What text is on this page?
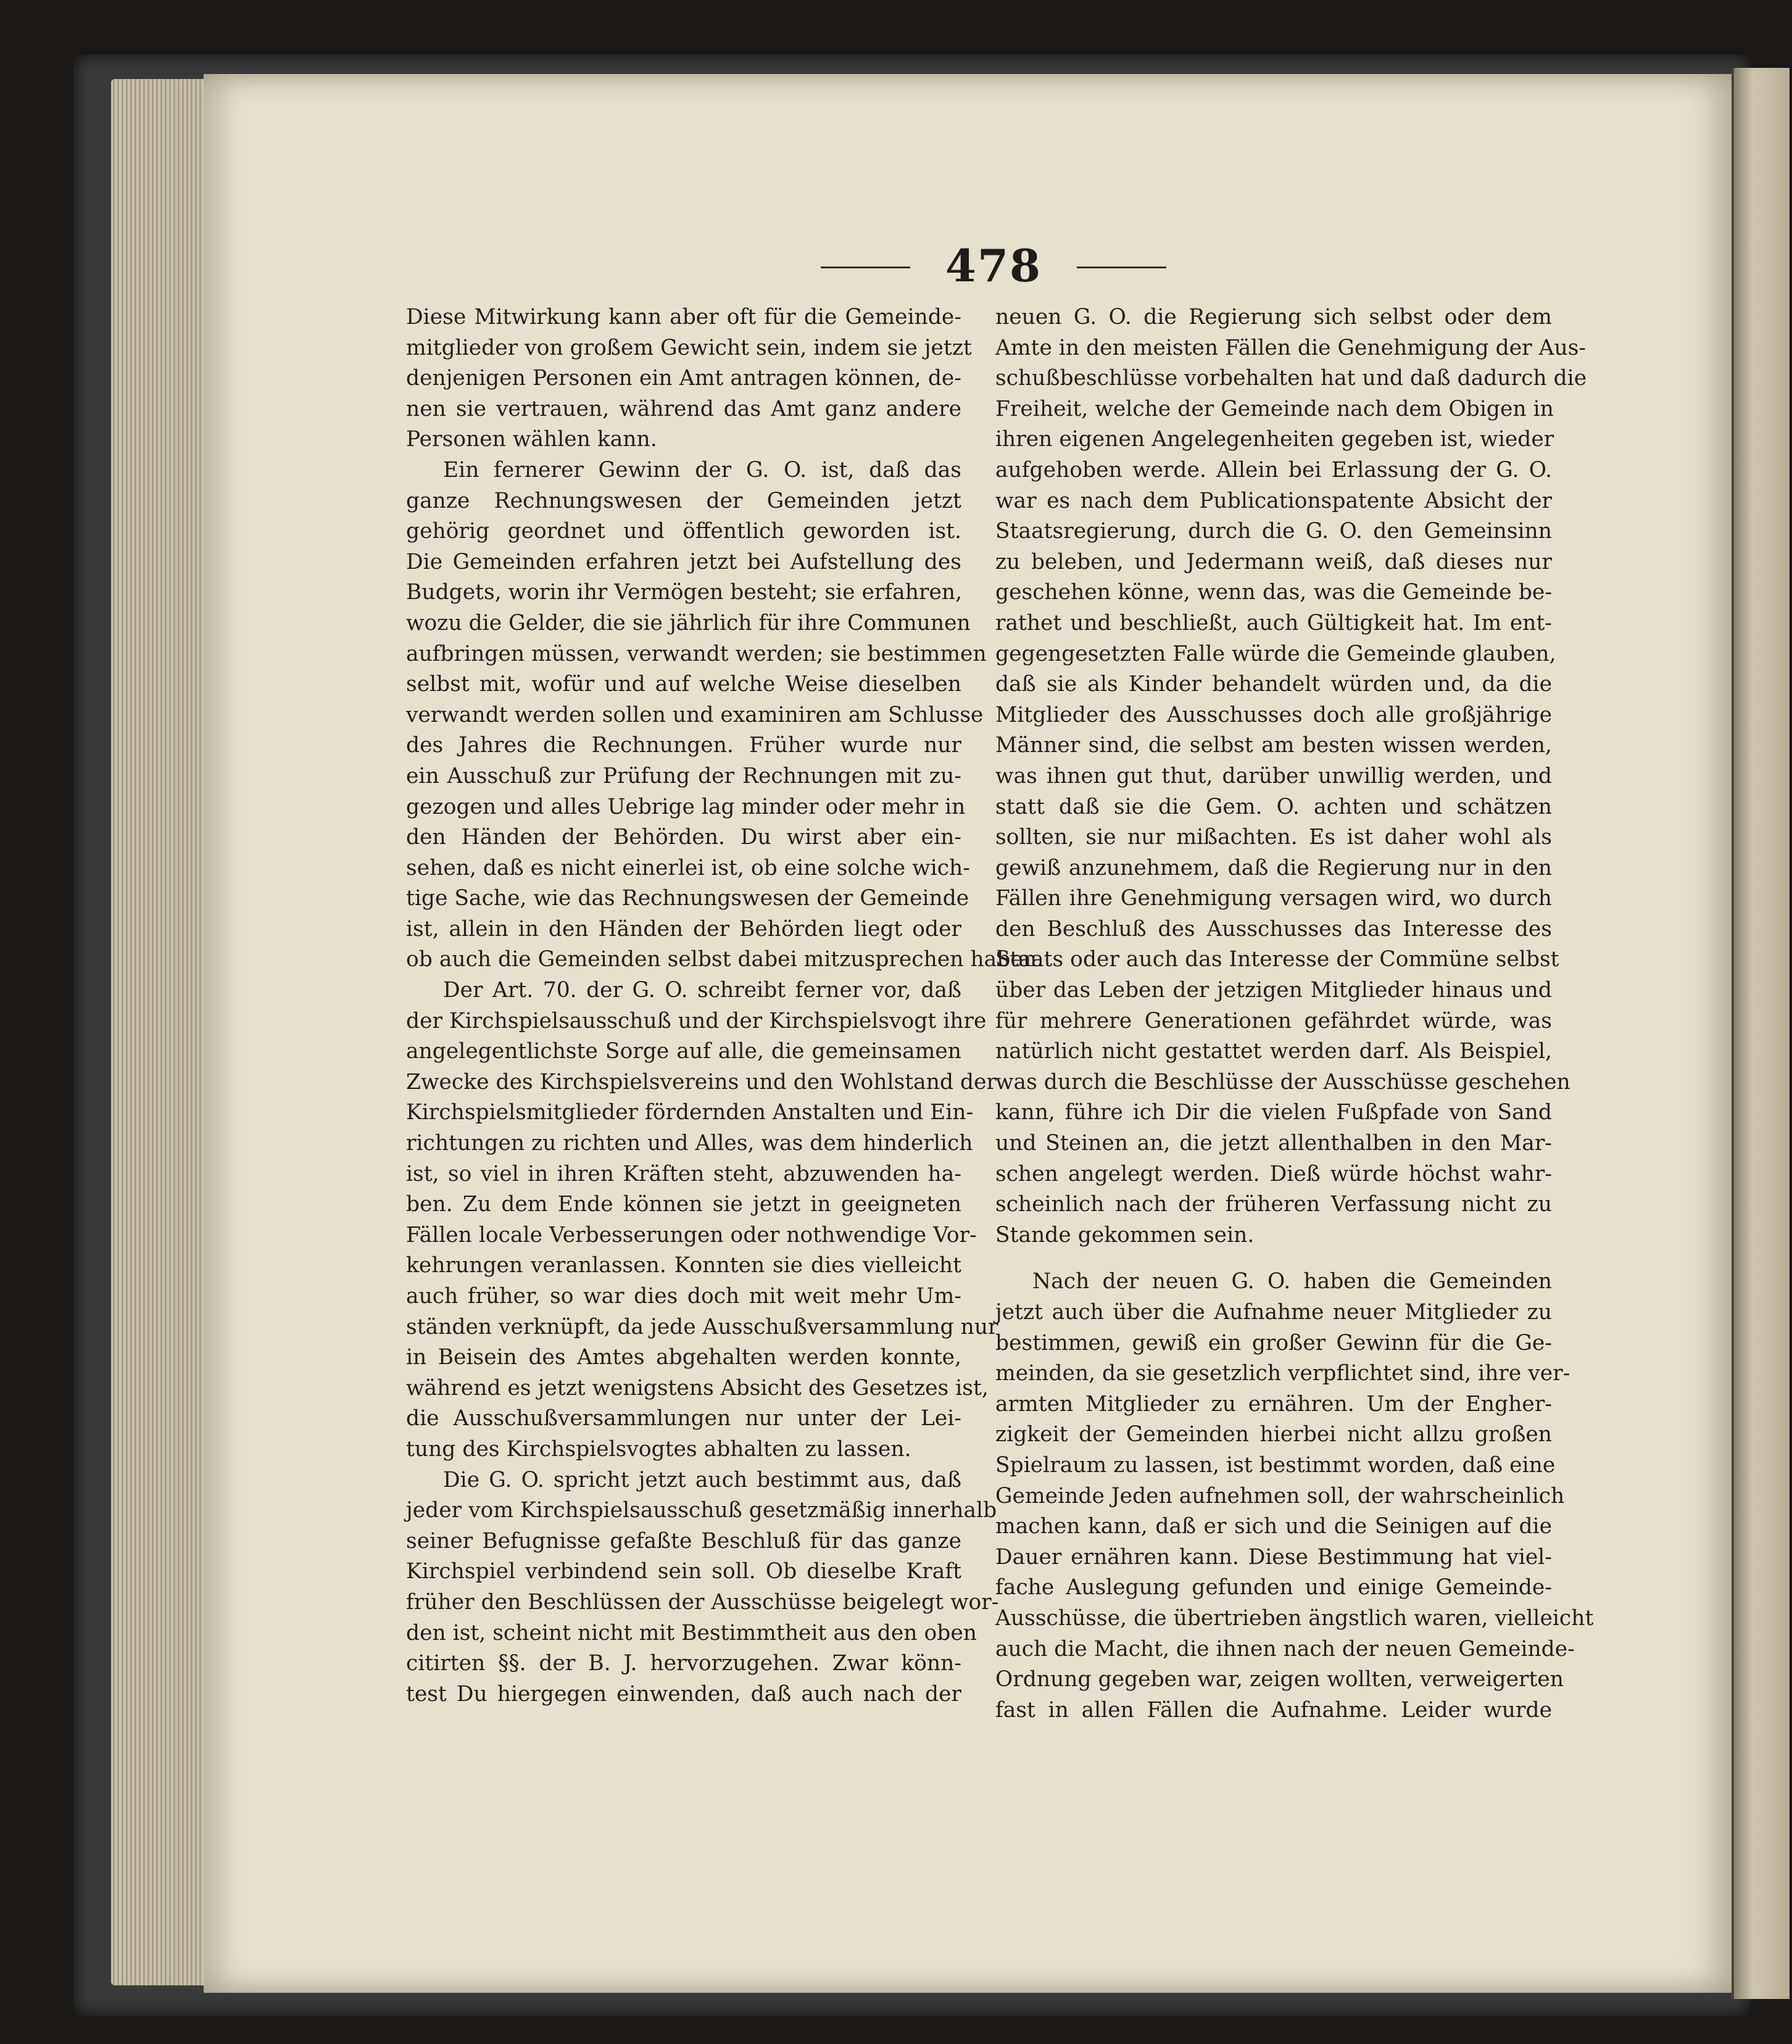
478
Diese Mitwirkung kann aber oft für die Gemeinde-
mitglieder von großem Gewicht sein, indem sie jetzt
denjenigen Personen ein Amt antragen können, de-
nen sie vertrauen, während das Amt ganz andere
Personen wählen kann.
Ein fernerer Gewinn der G. O. ist, daß das
ganze Rechnungswesen der Gemeinden jetzt
gehörig geordnet und öffentlich geworden ist.
Die Gemeinden erfahren jetzt bei Aufstellung des
Budgets, worin ihr Vermögen besteht; sie erfahren,
wozu die Gelder, die sie jährlich für ihre Communen
aufbringen müssen, verwandt werden; sie bestimmen
selbst mit, wofür und auf welche Weise dieselben
verwandt werden sollen und examiniren am Schlusse
des Jahres die Rechnungen. Früher wurde nur
ein Ausschuß zur Prüfung der Rechnungen mit zu-
gezogen und alles Uebrige lag minder oder mehr in
den Händen der Behörden. Du wirst aber ein-
sehen, daß es nicht einerlei ist, ob eine solche wich-
tige Sache, wie das Rechnungswesen der Gemeinde
ist, allein in den Händen der Behörden liegt oder
ob auch die Gemeinden selbst dabei mitzusprechen haben.
Der Art. 70. der G. O. schreibt ferner vor, daß
der Kirchspielsausschuß und der Kirchspielsvogt ihre
angelegentlichste Sorge auf alle, die gemeinsamen
Zwecke des Kirchspielsvereins und den Wohlstand der
Kirchspielsmitglieder fördernden Anstalten und Ein-
richtungen zu richten und Alles, was dem hinderlich
ist, so viel in ihren Kräften steht, abzuwenden ha-
ben. Zu dem Ende können sie jetzt in geeigneten
Fällen locale Verbesserungen oder nothwendige Vor-
kehrungen veranlassen. Konnten sie dies vielleicht
auch früher, so war dies doch mit weit mehr Um-
ständen verknüpft, da jede Ausschußversammlung nur
in Beisein des Amtes abgehalten werden konnte,
während es jetzt wenigstens Absicht des Gesetzes ist,
die Ausschußversammlungen nur unter der Lei-
tung des Kirchspielsvogtes abhalten zu lassen.
Die G. O. spricht jetzt auch bestimmt aus, daß
jeder vom Kirchspielsausschuß gesetzmäßig innerhalb
seiner Befugnisse gefaßte Beschluß für das ganze
Kirchspiel verbindend sein soll. Ob dieselbe Kraft
früher den Beschlüssen der Ausschüsse beigelegt wor-
den ist, scheint nicht mit Bestimmtheit aus den oben
citirten §§. der B. J. hervorzugehen. Zwar könn-
test Du hiergegen einwenden, daß auch nach der
neuen G. O. die Regierung sich selbst oder dem
Amte in den meisten Fällen die Genehmigung der Aus-
schußbeschlüsse vorbehalten hat und daß dadurch die
Freiheit, welche der Gemeinde nach dem Obigen in
ihren eigenen Angelegenheiten gegeben ist, wieder
aufgehoben werde. Allein bei Erlassung der G. O.
war es nach dem Publicationspatente Absicht der
Staatsregierung, durch die G. O. den Gemeinsinn
zu beleben, und Jedermann weiß, daß dieses nur
geschehen könne, wenn das, was die Gemeinde be-
rathet und beschließt, auch Gültigkeit hat. Im ent-
gegengesetzten Falle würde die Gemeinde glauben,
daß sie als Kinder behandelt würden und, da die
Mitglieder des Ausschusses doch alle großjährige
Männer sind, die selbst am besten wissen werden,
was ihnen gut thut, darüber unwillig werden, und
statt daß sie die Gem. O. achten und schätzen
sollten, sie nur mißachten. Es ist daher wohl als
gewiß anzunehmem, daß die Regierung nur in den
Fällen ihre Genehmigung versagen wird, wo durch
den Beschluß des Ausschusses das Interesse des
Staats oder auch das Interesse der Commüne selbst
über das Leben der jetzigen Mitglieder hinaus und
für mehrere Generationen gefährdet würde, was
natürlich nicht gestattet werden darf. Als Beispiel,
was durch die Beschlüsse der Ausschüsse geschehen
kann, führe ich Dir die vielen Fußpfade von Sand
und Steinen an, die jetzt allenthalben in den Mar-
schen angelegt werden. Dieß würde höchst wahr-
scheinlich nach der früheren Verfassung nicht zu
Stande gekommen sein.
Nach der neuen G. O. haben die Gemeinden
jetzt auch über die Aufnahme neuer Mitglieder zu
bestimmen, gewiß ein großer Gewinn für die Ge-
meinden, da sie gesetzlich verpflichtet sind, ihre ver-
armten Mitglieder zu ernähren. Um der Engher-
zigkeit der Gemeinden hierbei nicht allzu großen
Spielraum zu lassen, ist bestimmt worden, daß eine
Gemeinde Jeden aufnehmen soll, der wahrscheinlich
machen kann, daß er sich und die Seinigen auf die
Dauer ernähren kann. Diese Bestimmung hat viel-
fache Auslegung gefunden und einige Gemeinde-
Ausschüsse, die übertrieben ängstlich waren, vielleicht
auch die Macht, die ihnen nach der neuen Gemeinde-
Ordnung gegeben war, zeigen wollten, verweigerten
fast in allen Fällen die Aufnahme. Leider wurde
